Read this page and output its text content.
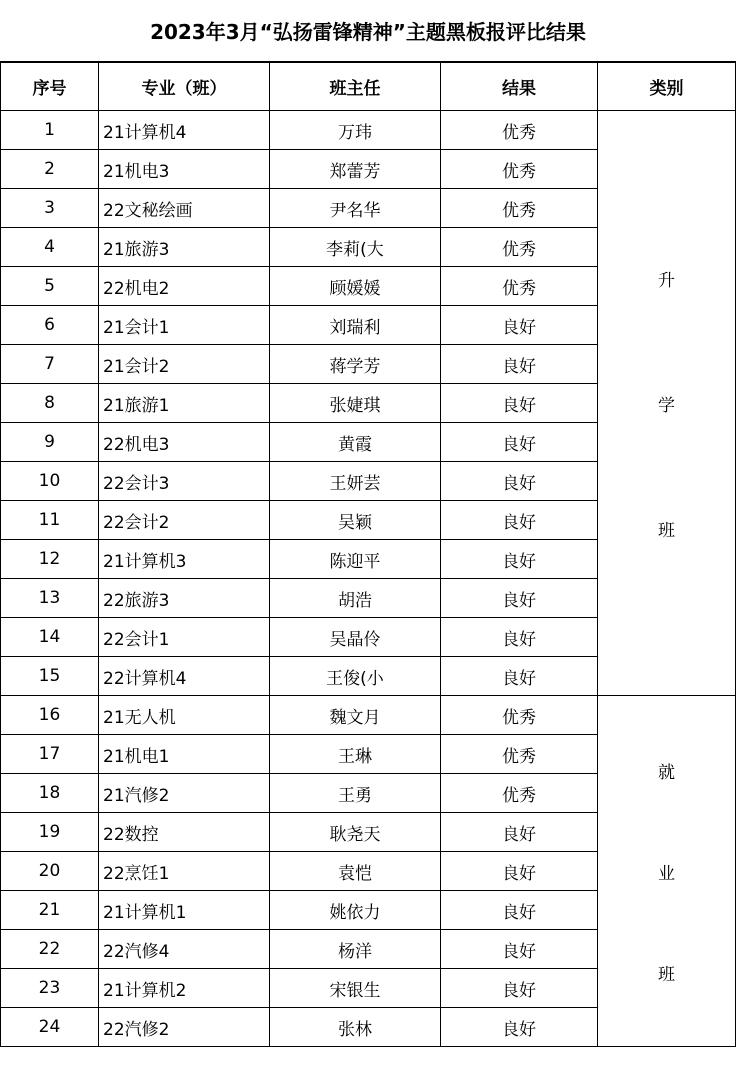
2023年3月“弘扬雷锋精神”主题黑板报评比结果
序号	专业（班）	班主任	结果	类别
1	21计算机4	万玮	优秀	升
学
班

2	21机电3	郑蕾芳	优秀	
3	22文秘绘画	尹名华	优秀	
4	21旅游3	李莉(大	优秀	
5	22机电2	顾媛媛	优秀	
6	21会计1	刘瑞利	良好	
7	21会计2	蒋学芳	良好	
8	21旅游1	张婕琪	良好	
9	22机电3	黄霞	良好	
10	22会计3	王妍芸	良好	
11	22会计2	吴颖	良好	
12	21计算机3	陈迎平	良好	
13	22旅游3	胡浩	良好	
14	22会计1	吴晶伶	良好	
15	22计算机4	王俊(小	良好	
16	21无人机	魏文月	优秀	就
业
班

17	21机电1	王琳	优秀	
18	21汽修2	王勇	优秀	
19	22数控	耿尧天	良好	
20	22烹饪1	袁恺	良好	
21	21计算机1	姚依力	良好	
22	22汽修4	杨洋	良好	
23	21计算机2	宋银生	良好	
24	22汽修2	张林	良好	
